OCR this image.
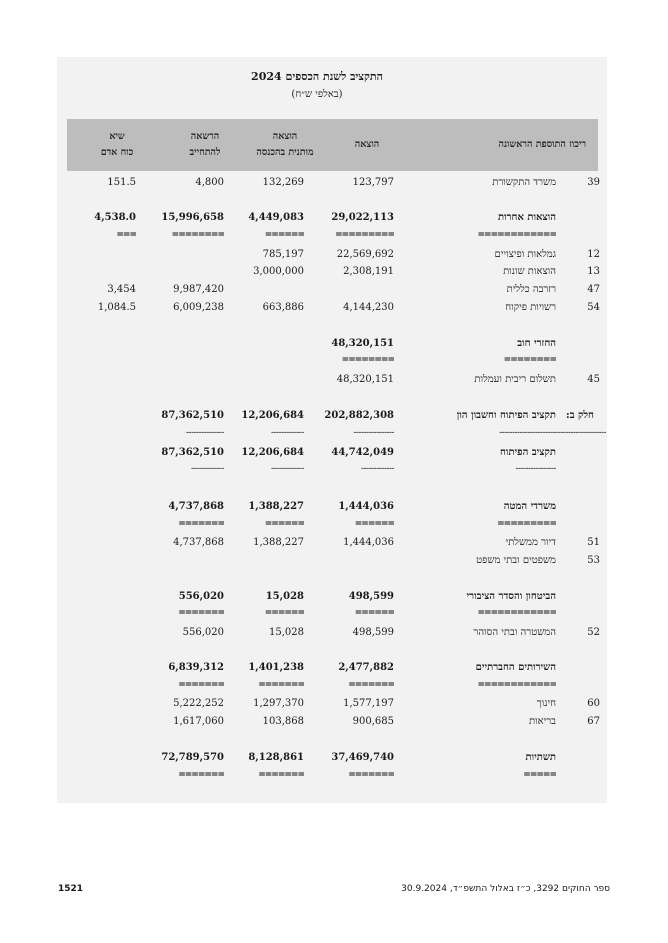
התקציב לשנת הכספים 2024
(באלפי ש״ח)
ריכוז התוספת הראשונה
הוצאה
הוצאה
מותנית בהכנסה
הרשאה
להתחייב
שיא
כוח אדם
39
משרד התקשורת
123,797
132,269
4,800
151.5
הוצאות אחרות
29,022,113
4,449,083
15,996,658
4,538.0
============
=========
======
========
===
12
גמלאות ופיצויים
22,569,692
785,197
13
הוצאות שונות
2,308,191
3,000,000
47
רזרבה כללית
9,987,420
3,454
54
רשויות פיקוח
4,144,230
663,886
6,009,238
1,084.5
החזרי חוב
48,320,151
========
========
45
תשלום ריבית ועמלות
48,320,151
חלק ב:
תקציב הפיתוח וחשבון הון
202,882,308
12,206,684
87,362,510
------------------------------------------
----------------
-------------
---------------
תקציב הפיתוח
44,742,049
12,206,684
87,362,510
----------------
-------------
-------------
-------------
משרדי המטה
1,444,036
1,388,227
4,737,868
=========
======
======
=======
51
דיור ממשלתי
1,444,036
1,388,227
4,737,868
53
משפטים ובתי משפט
הביטחון והסדר הציבורי
498,599
15,028
556,020
============
======
======
=======
52
המשטרה ובתי הסוהר
498,599
15,028
556,020
השירותים החברתיים
2,477,882
1,401,238
6,839,312
============
=======
=======
=======
60
חינוך
1,577,197
1,297,370
5,222,252
67
בריאות
900,685
103,868
1,617,060
תשתיות
37,469,740
8,128,861
72,789,570
=====
=======
=======
=======
1521	ספר החוקים 3292, כ״ז באלול התשפ״ד, 30.9.2024
